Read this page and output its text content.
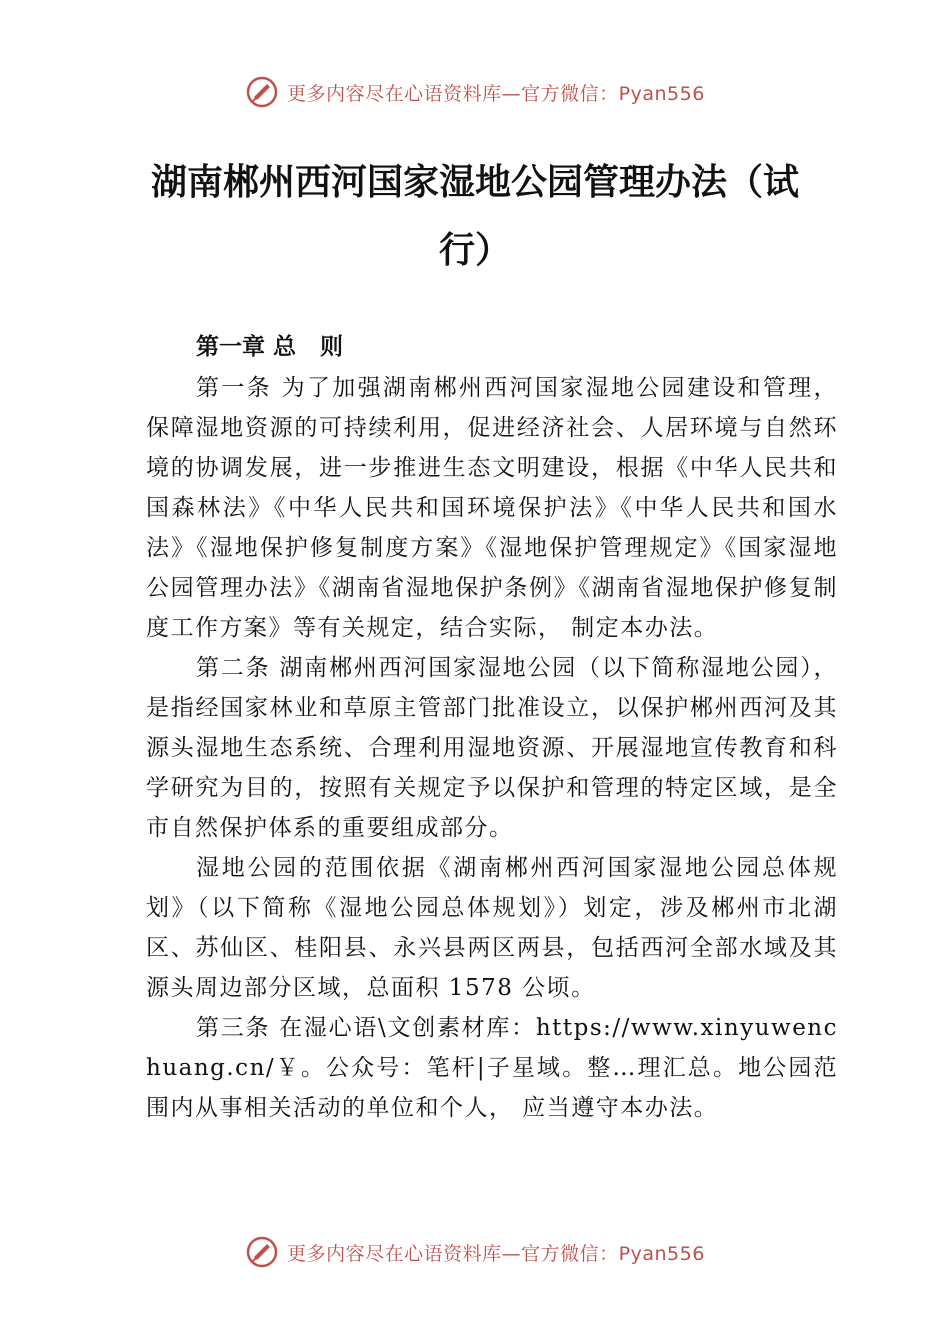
更多内容尽在心语资料库—官方微信：Pyan556
湖南郴州西河国家湿地公园管理办法（试
行）

第一章 总   则

第一条 为了加强湖南郴州西河国家湿地公园建设和管理，保障湿地资源的可持续利用，促进经济社会、人居环境与自然环境的协调发展，进一步推进生态文明建设，根据《中华人民共和国森林法》《中华人民共和国环境保护法》《中华人民共和国水法》《湿地保护修复制度方案》《湿地保护管理规定》《国家湿地公园管理办法》《湖南省湿地保护条例》《湖南省湿地保护修复制度工作方案》等有关规定，结合实际， 制定本办法。

第二条 湖南郴州西河国家湿地公园（以下简称湿地公园），是指经国家林业和草原主管部门批准设立，以保护郴州西河及其源头湿地生态系统、合理利用湿地资源、开展湿地宣传教育和科学研究为目的，按照有关规定予以保护和管理的特定区域，是全市自然保护体系的重要组成部分。

湿地公园的范围依据《湖南郴州西河国家湿地公园总体规划》（以下简称《湿地公园总体规划》）划定，涉及郴州市北湖区、苏仙区、桂阳县、永兴县两区两县，包括西河全部水域及其源头周边部分区域，总面积 1578 公顷。

第三条 在湿心语\文创素材库：https://www.xinyuwenchuang.cn/￥。公众号：笔杆|子星域。整…理汇总。地公园范围内从事相关活动的单位和个人， 应当遵守本办法。

更多内容尽在心语资料库—官方微信：Pyan556
